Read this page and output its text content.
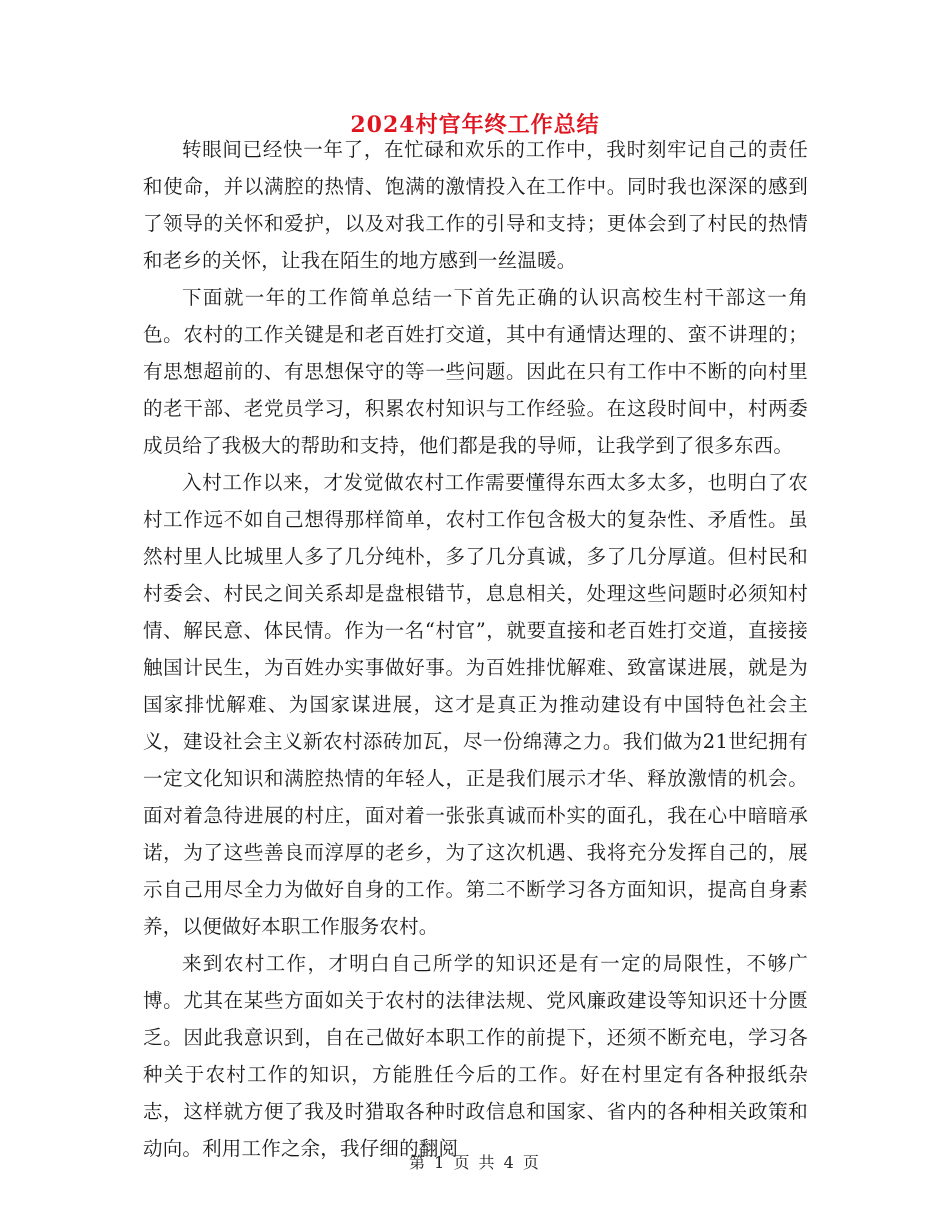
2024村官年终工作总结

转眼间已经快一年了，在忙碌和欢乐的工作中，我时刻牢记自己的责任和使命，并以满腔的热情、饱满的激情投入在工作中。同时我也深深的感到了领导的关怀和爱护，以及对我工作的引导和支持；更体会到了村民的热情和老乡的关怀，让我在陌生的地方感到一丝温暖。

下面就一年的工作简单总结一下首先正确的认识高校生村干部这一角色。农村的工作关键是和老百姓打交道，其中有通情达理的、蛮不讲理的；有思想超前的、有思想保守的等一些问题。因此在只有工作中不断的向村里的老干部、老党员学习，积累农村知识与工作经验。在这段时间中，村两委成员给了我极大的帮助和支持，他们都是我的导师，让我学到了很多东西。

入村工作以来，才发觉做农村工作需要懂得东西太多太多，也明白了农村工作远不如自己想得那样简单，农村工作包含极大的复杂性、矛盾性。虽然村里人比城里人多了几分纯朴，多了几分真诚，多了几分厚道。但村民和村委会、村民之间关系却是盘根错节，息息相关，处理这些问题时必须知村情、解民意、体民情。作为一名“村官”，就要直接和老百姓打交道，直接接触国计民生，为百姓办实事做好事。为百姓排忧解难、致富谋进展，就是为国家排忧解难、为国家谋进展，这才是真正为推动建设有中国特色社会主义，建设社会主义新农村添砖加瓦，尽一份绵薄之力。我们做为21世纪拥有一定文化知识和满腔热情的年轻人，正是我们展示才华、释放激情的机会。面对着急待进展的村庄，面对着一张张真诚而朴实的面孔，我在心中暗暗承诺，为了这些善良而淳厚的老乡，为了这次机遇、我将充分发挥自己的，展示自己用尽全力为做好自身的工作。第二不断学习各方面知识，提高自身素养，以便做好本职工作服务农村。

来到农村工作，才明白自己所学的知识还是有一定的局限性，不够广博。尤其在某些方面如关于农村的法律法规、党风廉政建设等知识还十分匮乏。因此我意识到，自在己做好本职工作的前提下，还须不断充电，学习各种关于农村工作的知识，方能胜任今后的工作。好在村里定有各种报纸杂志，这样就方便了我及时猎取各种时政信息和国家、省内的各种相关政策和动向。利用工作之余，我仔细的翻阅

第 1 页 共 4 页
